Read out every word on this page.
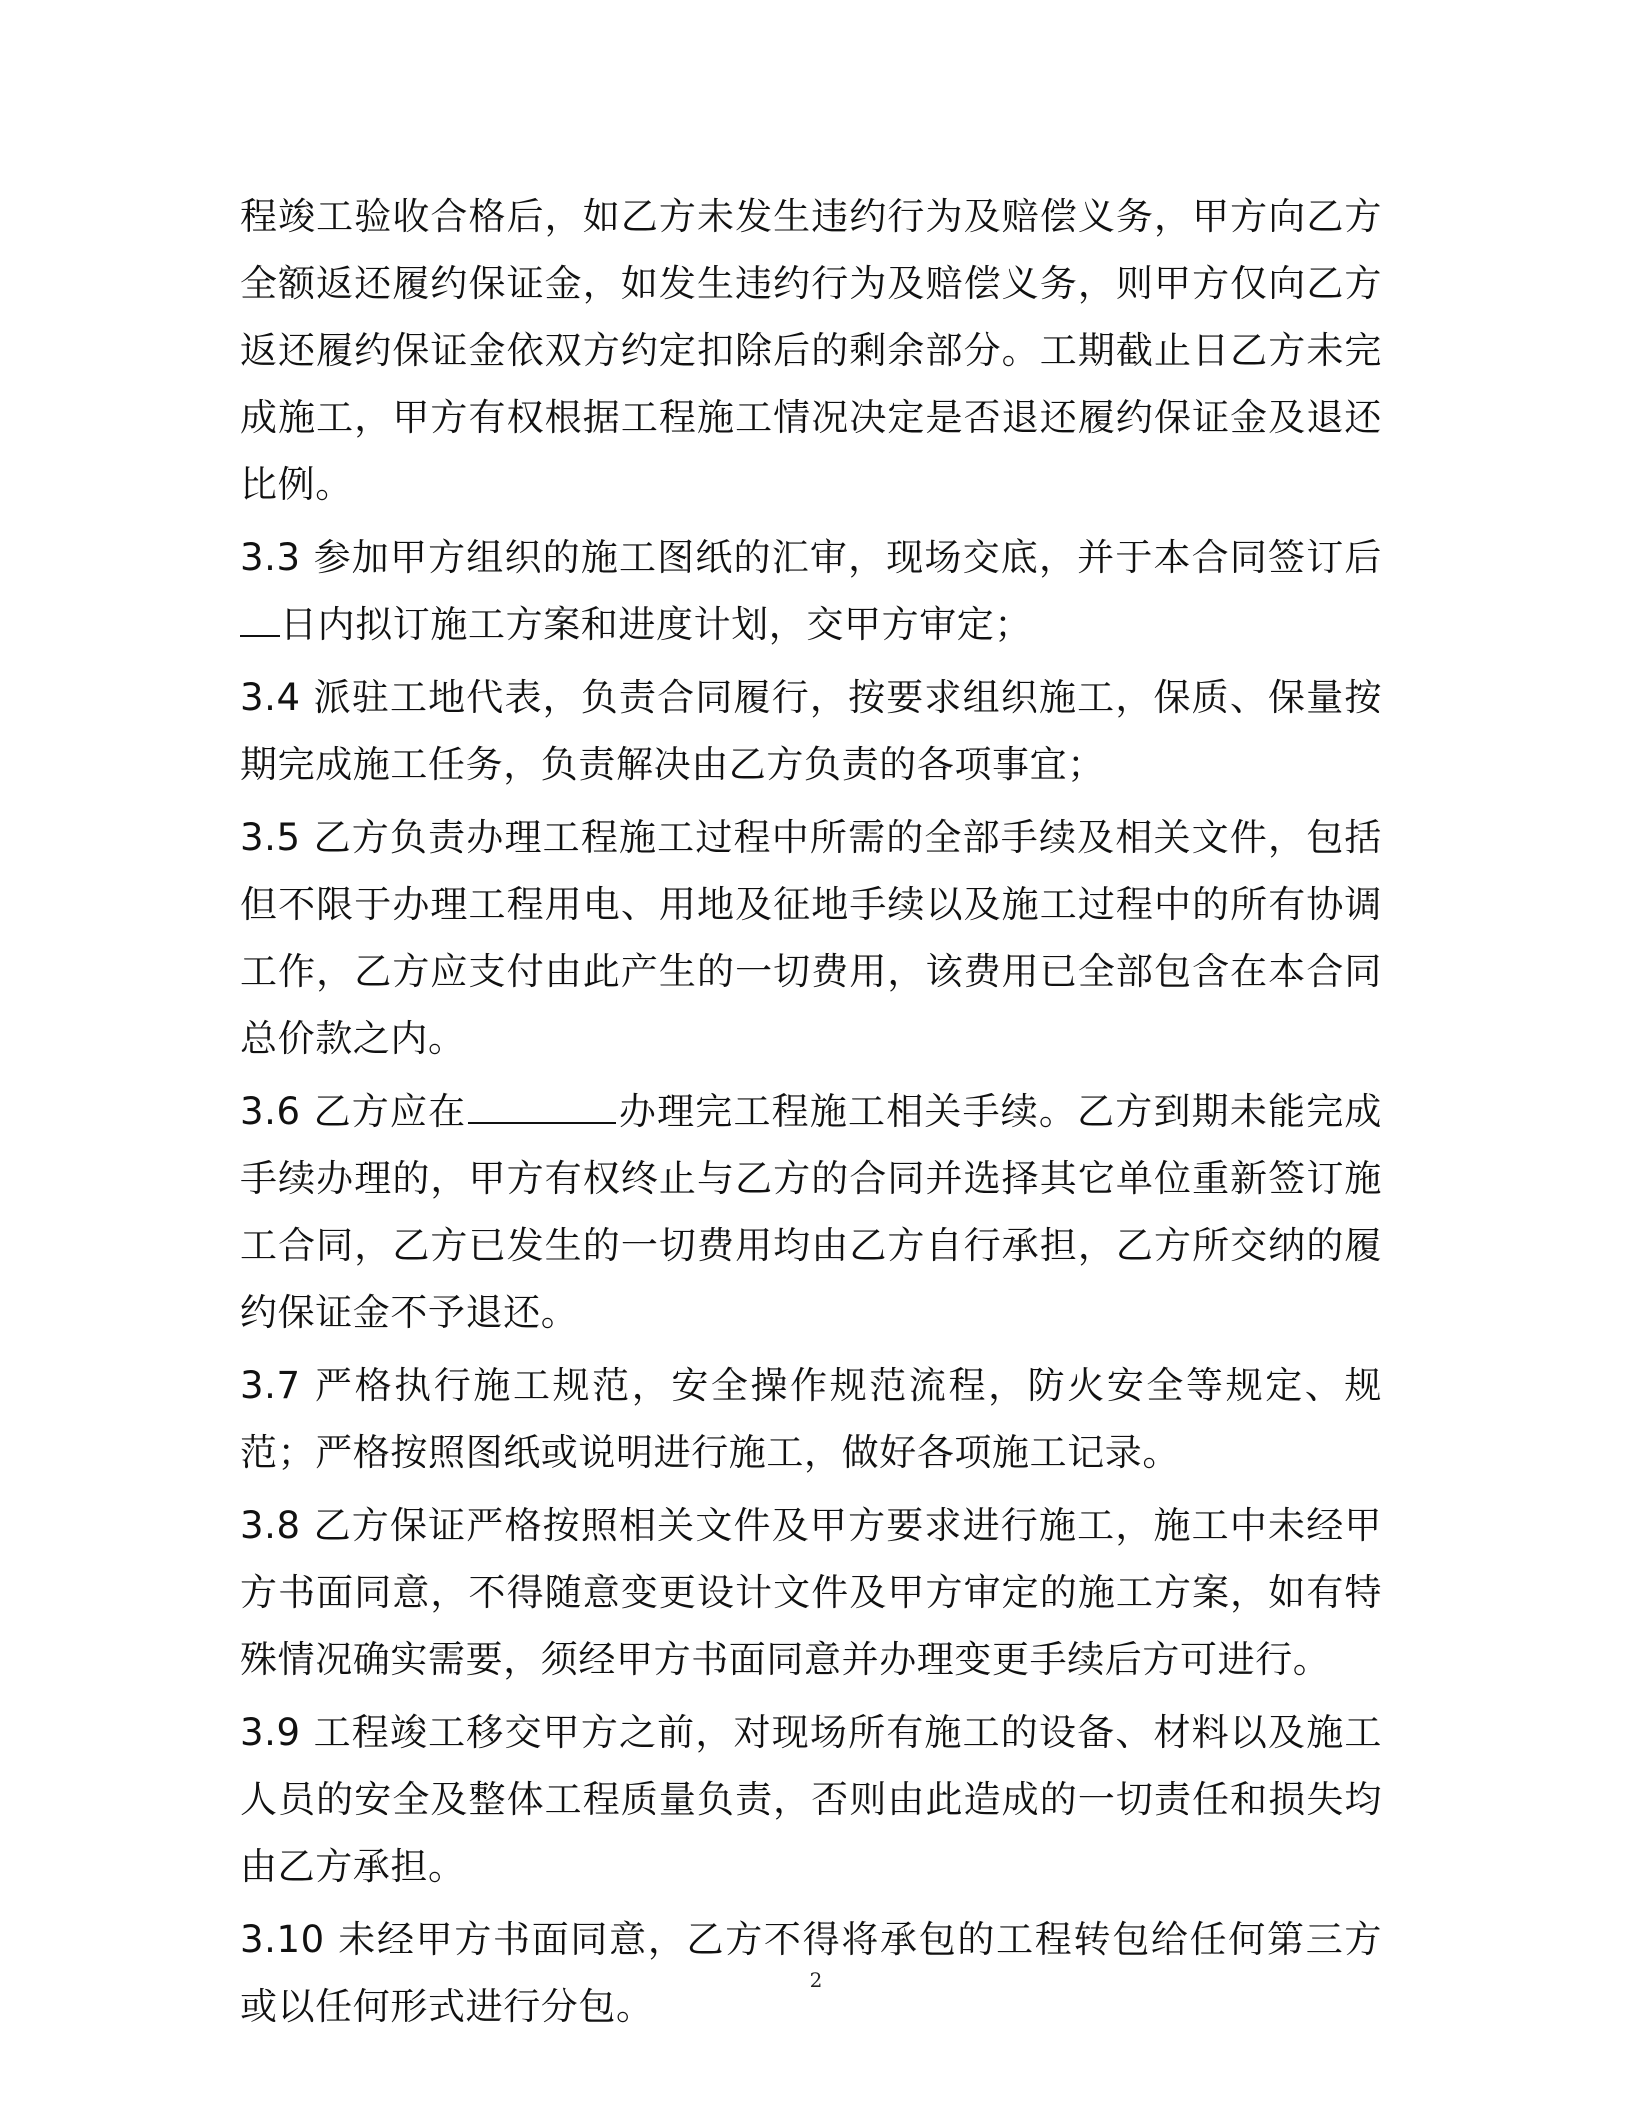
程竣工验收合格后，如乙方未发生违约行为及赔偿义务，甲方向乙方全额返还履约保证金，如发生违约行为及赔偿义务，则甲方仅向乙方返还履约保证金依双方约定扣除后的剩余部分。工期截止日乙方未完成施工，甲方有权根据工程施工情况决定是否退还履约保证金及退还比例。

3.3 参加甲方组织的施工图纸的汇审，现场交底，并于本合同签订后日内拟订施工方案和进度计划，交甲方审定；

3.4 派驻工地代表，负责合同履行，按要求组织施工，保质、保量按期完成施工任务，负责解决由乙方负责的各项事宜；

3.5 乙方负责办理工程施工过程中所需的全部手续及相关文件，包括但不限于办理工程用电、用地及征地手续以及施工过程中的所有协调工作，乙方应支付由此产生的一切费用，该费用已全部包含在本合同总价款之内。

3.6 乙方应在	办理完工程施工相关手续。乙方到期未能完成手续办理的，甲方有权终止与乙方的合同并选择其它单位重新签订施工合同，乙方已发生的一切费用均由乙方自行承担，乙方所交纳的履约保证金不予退还。

3.7 严格执行施工规范，安全操作规范流程，防火安全等规定、规范；严格按照图纸或说明进行施工，做好各项施工记录。

3.8 乙方保证严格按照相关文件及甲方要求进行施工，施工中未经甲方书面同意，不得随意变更设计文件及甲方审定的施工方案，如有特殊情况确实需要，须经甲方书面同意并办理变更手续后方可进行。

3.9 工程竣工移交甲方之前，对现场所有施工的设备、材料以及施工人员的安全及整体工程质量负责，否则由此造成的一切责任和损失均由乙方承担。

3.10 未经甲方书面同意，乙方不得将承包的工程转包给任何第三方或以任何形式进行分包。

2
